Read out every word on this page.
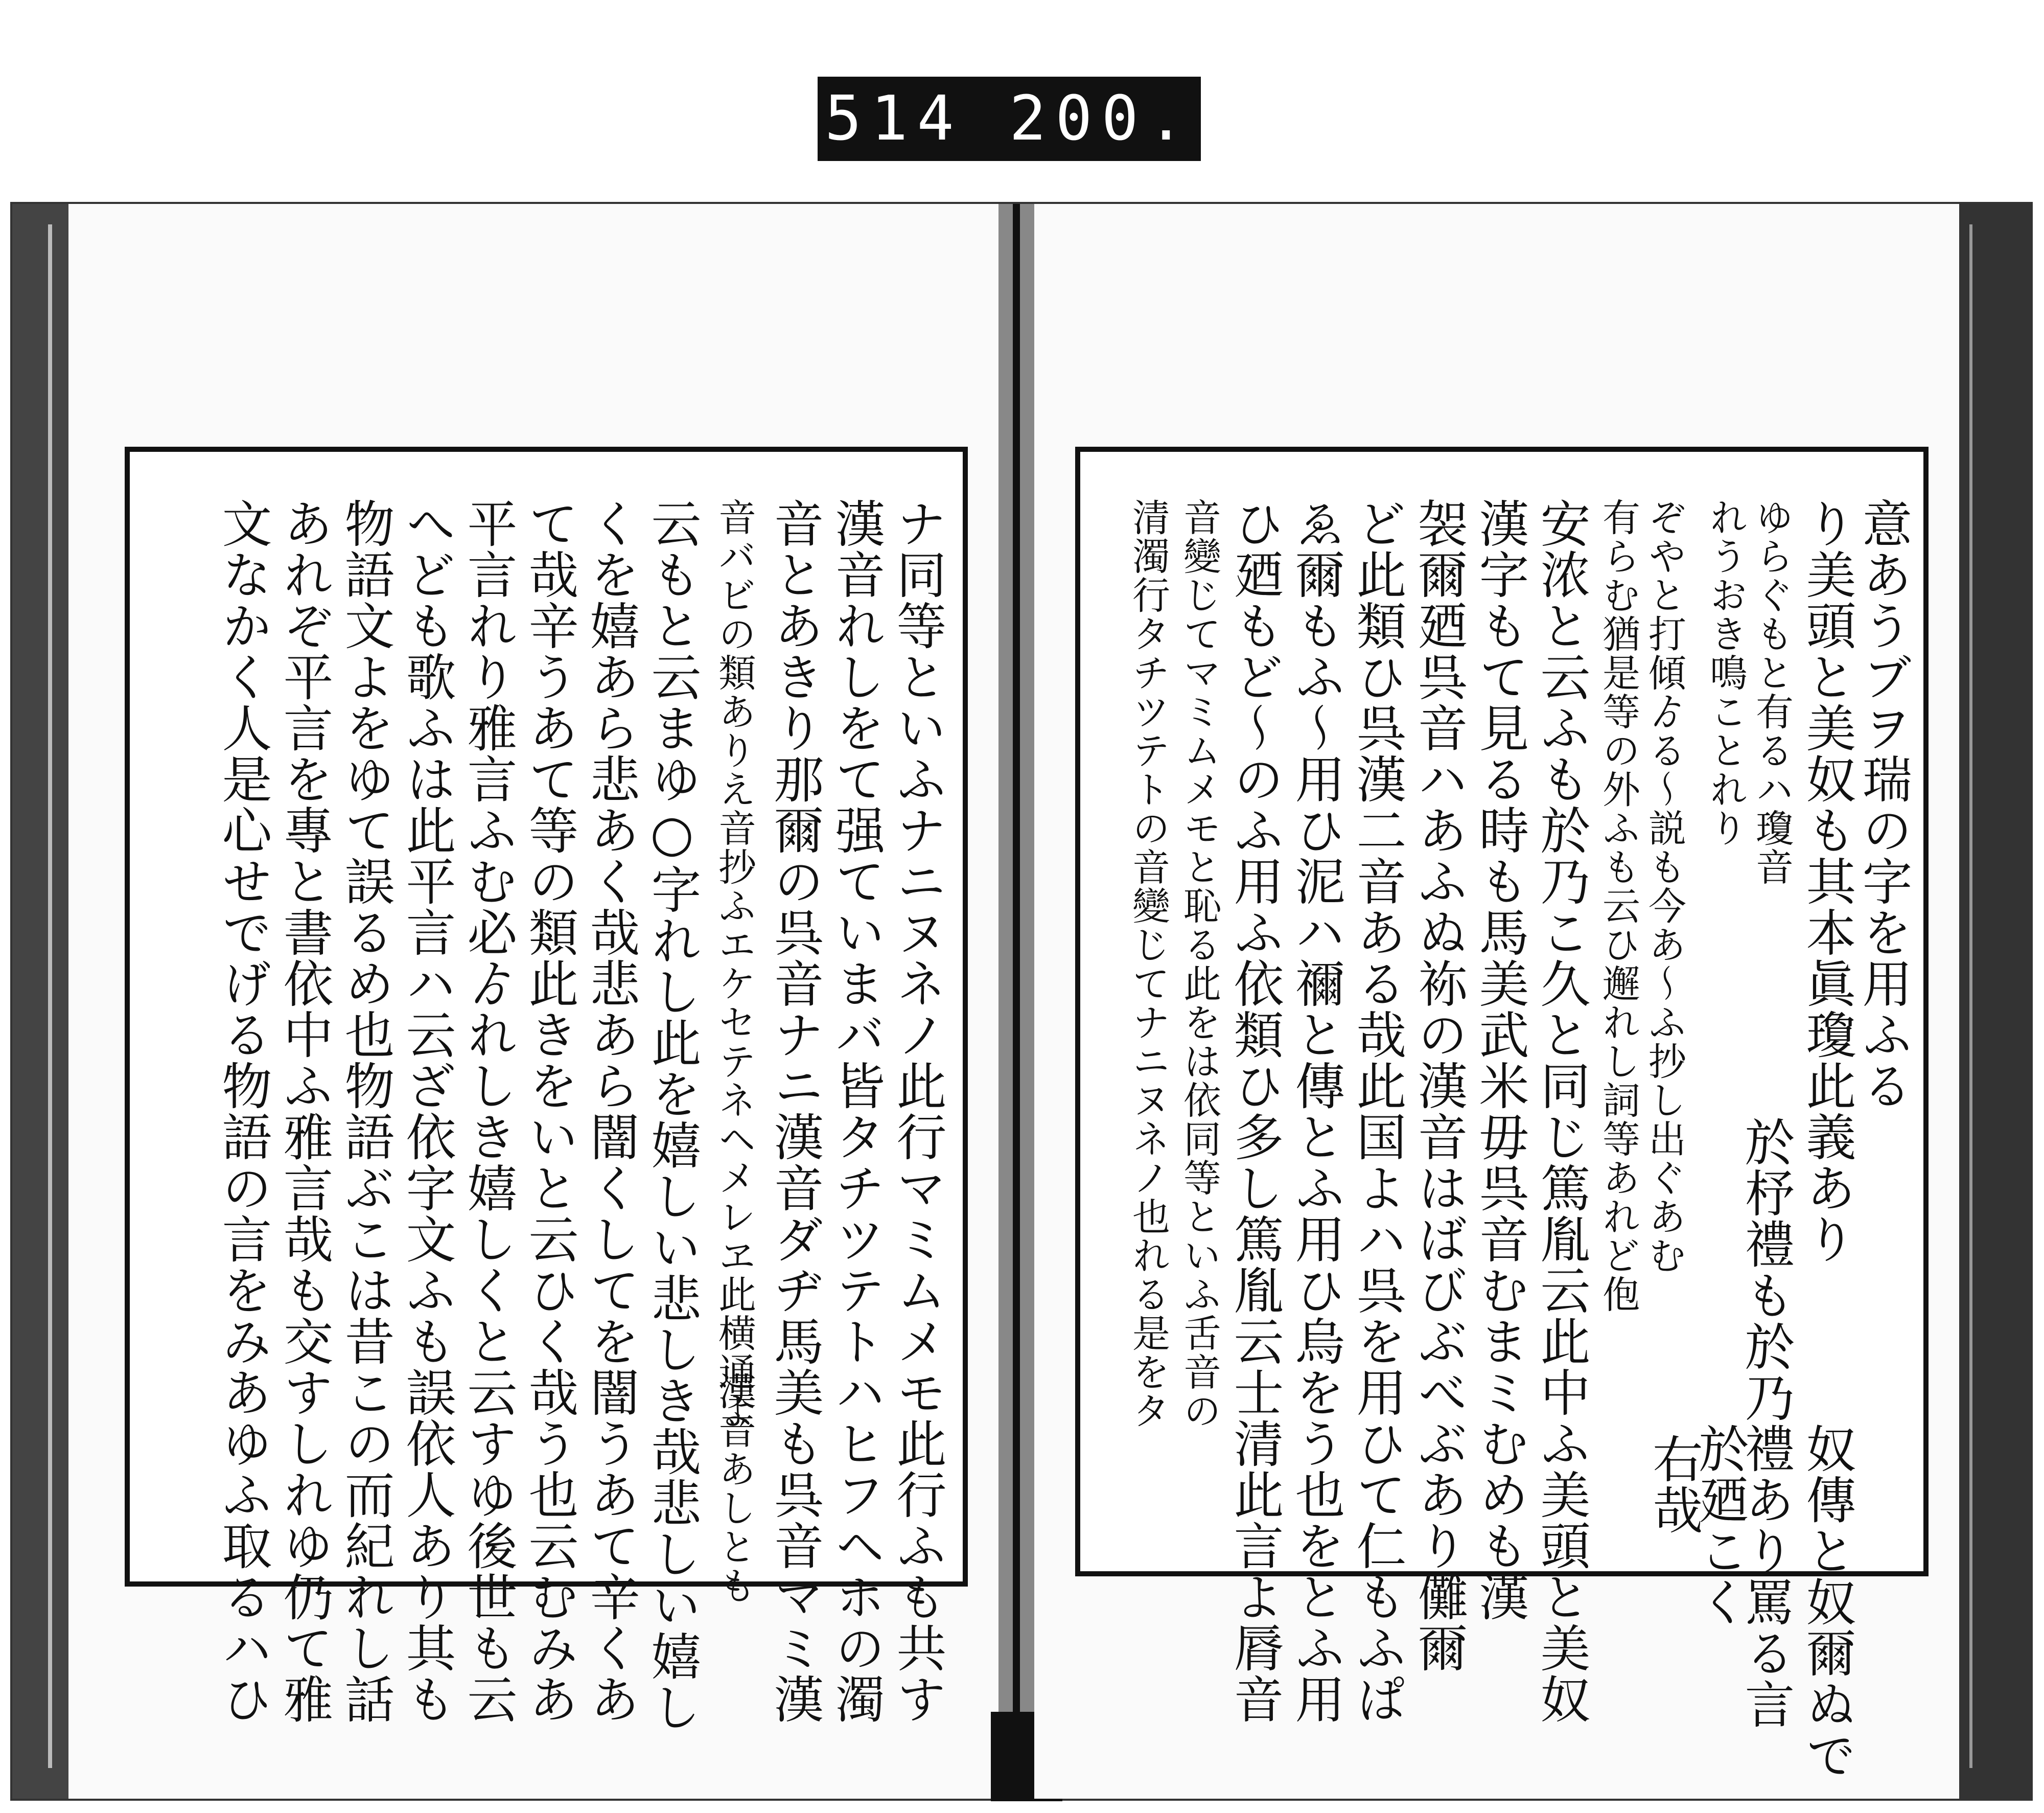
514 200.
ナ同等といふナニヌネノ此行マミムメモ此行ふも共す
漢音れしをて强ていまバ皆タチツテトハヒフヘホの濁
音とあきり那爾の呉音ナニ漢音ダヂ馬美も呉音マミ漢
音バビの類ありえ音抄ふエケセテネヘメレヱ此横通よ
漢音あしとも
云もと云まゆ○字れし此を嬉しい悲しき哉悲しい嬉し
くを嬉あら悲あく哉悲あら闇くしてを闇うあて辛くあ
て哉辛うあて等の類此きをいと云ひく哉う也云むみあ
平言れり雅言ふむ必ゟれしき嬉しくと云すゆ後世も云
へども歌ふは此平言ハ云ざ依字文ふも誤依人あり其も
物語文よをゆて誤るめ也物語ぶこは昔この而紀れし話
あれぞ平言を專と書依中ふ雅言哉も交すしれゆ仍て雅
文なかく人是心せでげる物語の言をみあゆふ取るハひ	意あうブヲ瑞の字を用ふる
り美頭と美奴も其本眞瓊此義あり
ゆらぐもと有るハ瓊音
れうおき鳴ことれり
於杼禮も於乃禮あり罵る言 奴傳と奴爾ぬで
右哉
於廼こく
ぞやと打傾ゟる〜説も今あ〜ふ抄し出ぐあむ
有らむ猶是等の外ふも云ひ邂れし詞等あれど佨
安浓と云ふも於乃こ久と同じ篤胤云此中ふ美頭と美奴
漢字もて見る時も馬美武米毋呉音むまミむめも漢
袈爾廼呉音ハあふぬ袮の漢音はばびぶべぶあり儺爾
ど此類ひ呉漢二音ある哉此国よハ呉を用ひて仁もふぱ
ゑ爾もふ〜用ひ泥ハ禰と傳とふ用ひ烏をう也をとふ用
ひ廼もど〜のふ用ふ依類ひ多し篤胤云士清此言よ脣音
音變じてマミムメモと恥る此をは依同等といふ舌音の
清濁行タチツテトの音變じてナニヌネノ也れる是をタ
